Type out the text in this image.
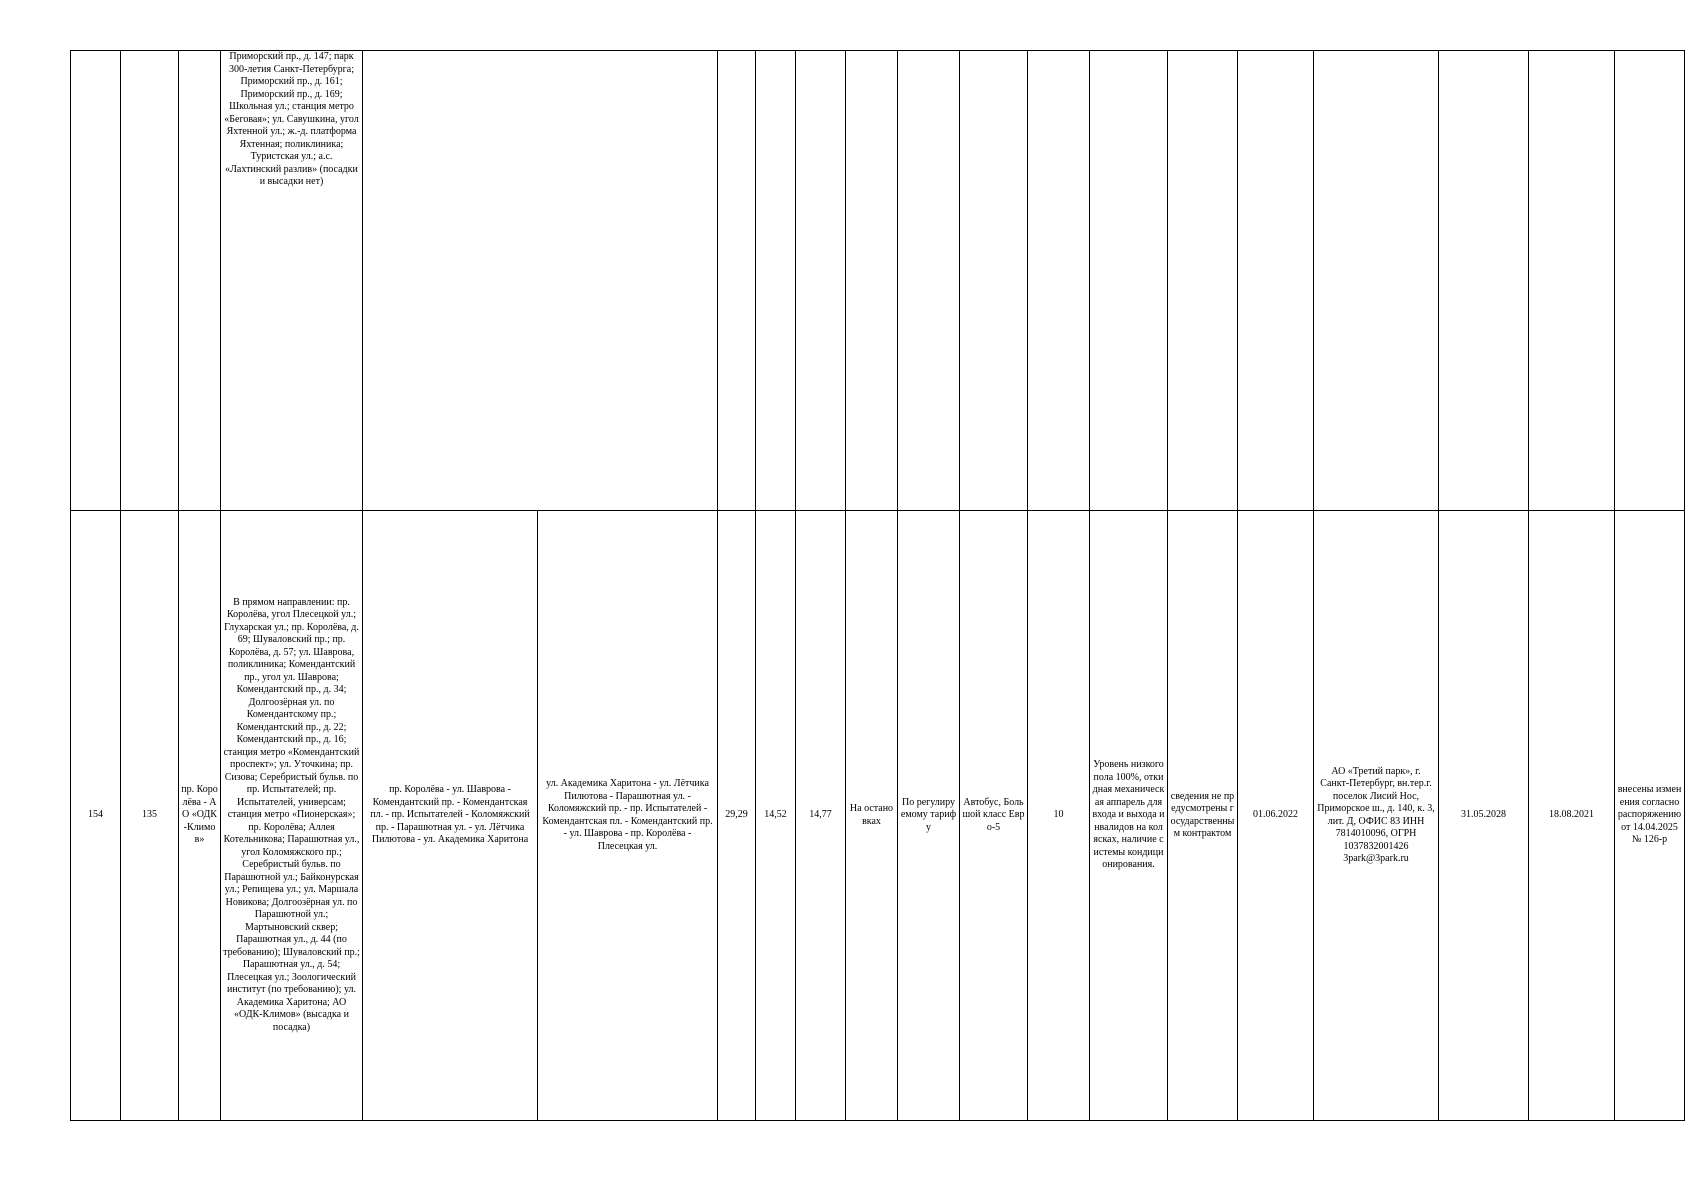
			Приморский пр., д. 147; парк 300-летия Санкт-Петербурга; Приморский пр., д. 161; Приморский пр., д. 169; Школьная ул.; станция метро «Беговая»; ул. Савушкина, угол Яхтенной ул.; ж.-д. платформа Яхтенная; поликлиника; Туристская ул.; а.с. «Лахтинский разлив» (посадки и высадки нет)																
154	135	пр. Королёва - АО «ОДК-Климов»	В прямом направлении: пр. Королёва, угол Плесецкой ул.; Глухарская ул.; пр. Королёва, д. 69; Шуваловский пр.; пр. Королёва, д. 57; ул. Шаврова, поликлиника; Комендантский пр., угол ул. Шаврова; Комендантский пр., д. 34; Долгоозёрная ул. по Комендантскому пр.; Комендантский пр., д. 22; Комендантский пр., д. 16; станция метро «Комендантский проспект»; ул. Уточкина; пр. Сизова; Серебристый бульв. по пр. Испытателей; пр. Испытателей, универсам; станция метро «Пионерская»; пр. Королёва; Аллея Котельникова; Парашютная ул., угол Коломяжского пр.; Серебристый бульв. по Парашютной ул.; Байконурская ул.; Репищева ул.; ул. Маршала Новикова; Долгоозёрная ул. по Парашютной ул.; Мартыновский сквер; Парашютная ул., д. 44 (по требованию); Шуваловский пр.; Парашютная ул., д. 54; Плесецкая ул.; Зоологический институт (по требованию); ул. Академика Харитона; АО «ОДК-Климов» (высадка и посадка)	пр. Королёва - ул. Шаврова - Комендантский пр. - Комендантская пл. - пр. Испытателей - Коломяжский пр. - Парашютная ул. - ул. Лётчика Пилютова - ул. Академика Харитона	ул. Академика Харитона - ул. Лётчика Пилютова - Парашютная ул. - Коломяжский пр. - пр. Испытателей - Комендантская пл. - Комендантский пр. - ул. Шаврова - пр. Королёва - Плесецкая ул.	29,29	14,52	14,77	На остановках	По регулируемому тарифу	Автобус, Большой класс Евро-5	10	Уровень низкого пола 100%, откидная механическая аппарель для входа и выхода инвалидов на колясках, наличие системы кондиционирования.	сведения не предусмотрены государственным контрактом	01.06.2022	АО «Третий парк», г. Санкт-Петербург, вн.тер.г. поселок Лисий Нос, Приморское ш., д. 140, к. 3, лит. Д, ОФИС 83 ИНН 7814010096, ОГРН 1037832001426 3park@3park.ru	31.05.2028	18.08.2021	внесены изменения согласно распоряжению от 14.04.2025 № 126-р
